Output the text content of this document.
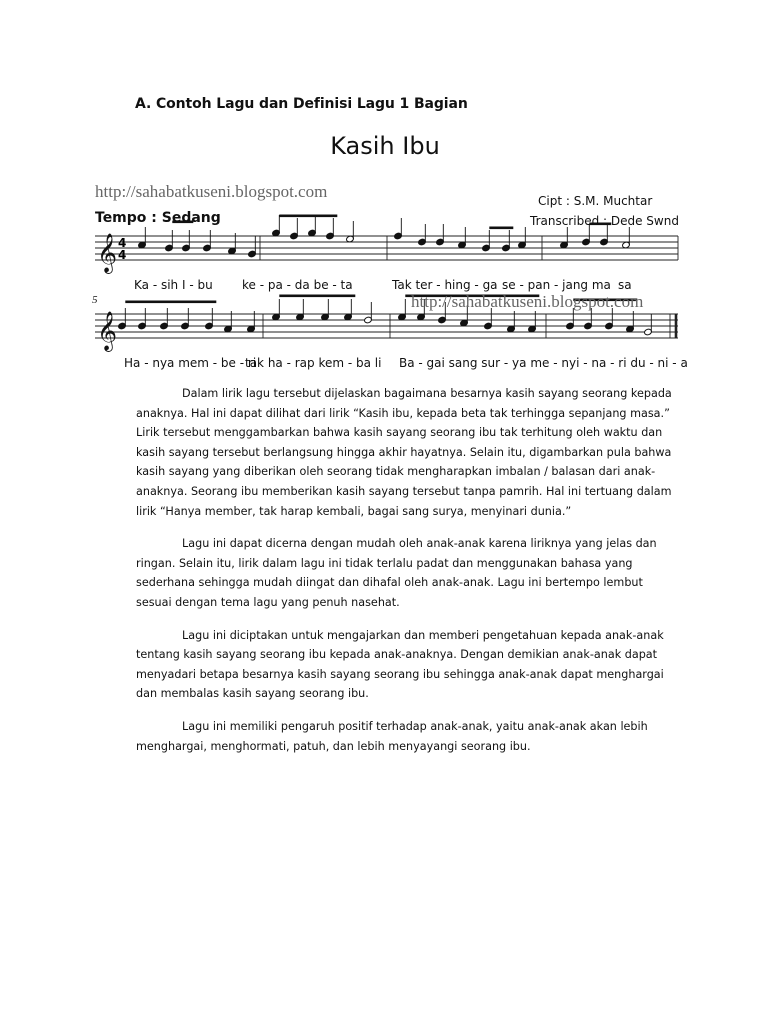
A. Contoh Lagu dan Definisi Lagu 1 Bagian
𝄞 4
4
𝄞
Kasih Ibu
http://sahabatkuseni.blogspot.com
http://sahabatkuseni.blogspot.com
Tempo : Sedang
Cipt : S.M. Muchtar
Transcribed : Dede Swnd
5
Ka - sih I - bu ke - pa - da be - ta	Tak ter - hing - ga se - pan - jang ma sa
Ha - nya mem - be - ri
tak ha - rap kem - ba li Ba - gai sang sur - ya me - nyi - na - ri du - ni - a

Dalam lirik lagu tersebut dijelaskan bagaimana besarnya kasih sayang seorang kepada anaknya. Hal ini dapat dilihat dari lirik “Kasih ibu, kepada beta tak terhingga sepanjang masa.” Lirik tersebut menggambarkan bahwa kasih sayang seorang ibu tak terhitung oleh waktu dan kasih sayang tersebut berlangsung hingga akhir hayatnya. Selain itu, digambarkan pula bahwa kasih sayang yang diberikan oleh seorang tidak mengharapkan imbalan / balasan dari anak-anaknya. Seorang ibu memberikan kasih sayang tersebut tanpa pamrih. Hal ini tertuang dalam lirik “Hanya member, tak harap kembali, bagai sang surya, menyinari dunia.”

Lagu ini dapat dicerna dengan mudah oleh anak-anak karena liriknya yang jelas dan ringan. Selain itu, lirik dalam lagu ini tidak terlalu padat dan menggunakan bahasa yang sederhana sehingga mudah diingat dan dihafal oleh anak-anak. Lagu ini bertempo lembut sesuai dengan tema lagu yang penuh nasehat.

Lagu ini diciptakan untuk mengajarkan dan memberi pengetahuan kepada anak-anak tentang kasih sayang seorang ibu kepada anak-anaknya. Dengan demikian anak-anak dapat menyadari betapa besarnya kasih sayang seorang ibu sehingga anak-anak dapat menghargai dan membalas kasih sayang seorang ibu.

Lagu ini memiliki pengaruh positif terhadap anak-anak, yaitu anak-anak akan lebih menghargai, menghormati, patuh, dan lebih menyayangi seorang ibu.
